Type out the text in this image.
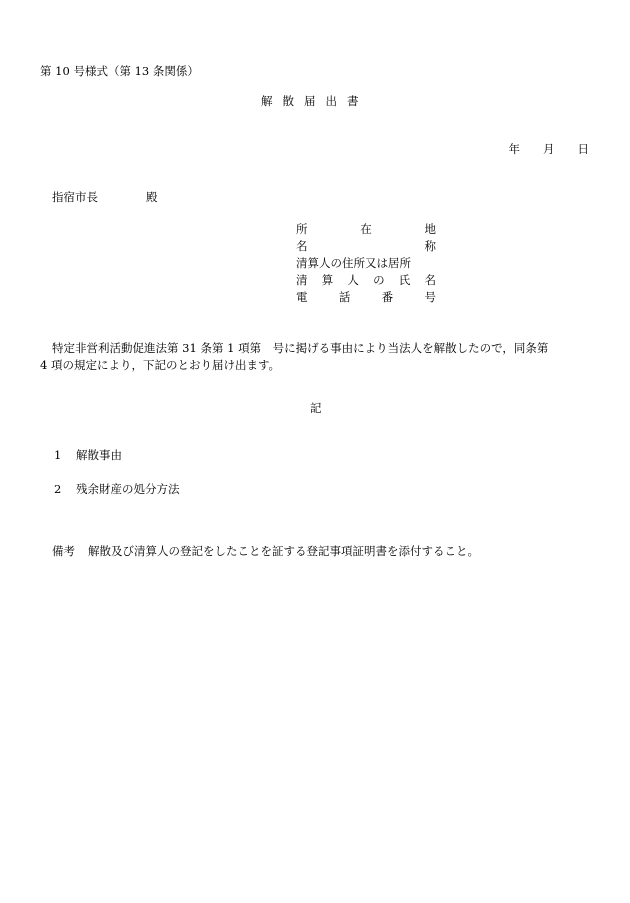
第 10 号様式（第 13 条関係）
解散届出書
年 月 日
指宿市長	殿
所	在	地
名	称
清算人の住所又は居所
清 算 人 の 氏 名
電	話	番	号
特定非営利活動促進法第 31 条第 1 項第　号に掲げる事由により当法人を解散したので，同条第
4 項の規定により，下記のとおり届け出ます。
記
1 解散事由
2 残余財産の処分方法
備考 解散及び清算人の登記をしたことを証する登記事項証明書を添付すること。
